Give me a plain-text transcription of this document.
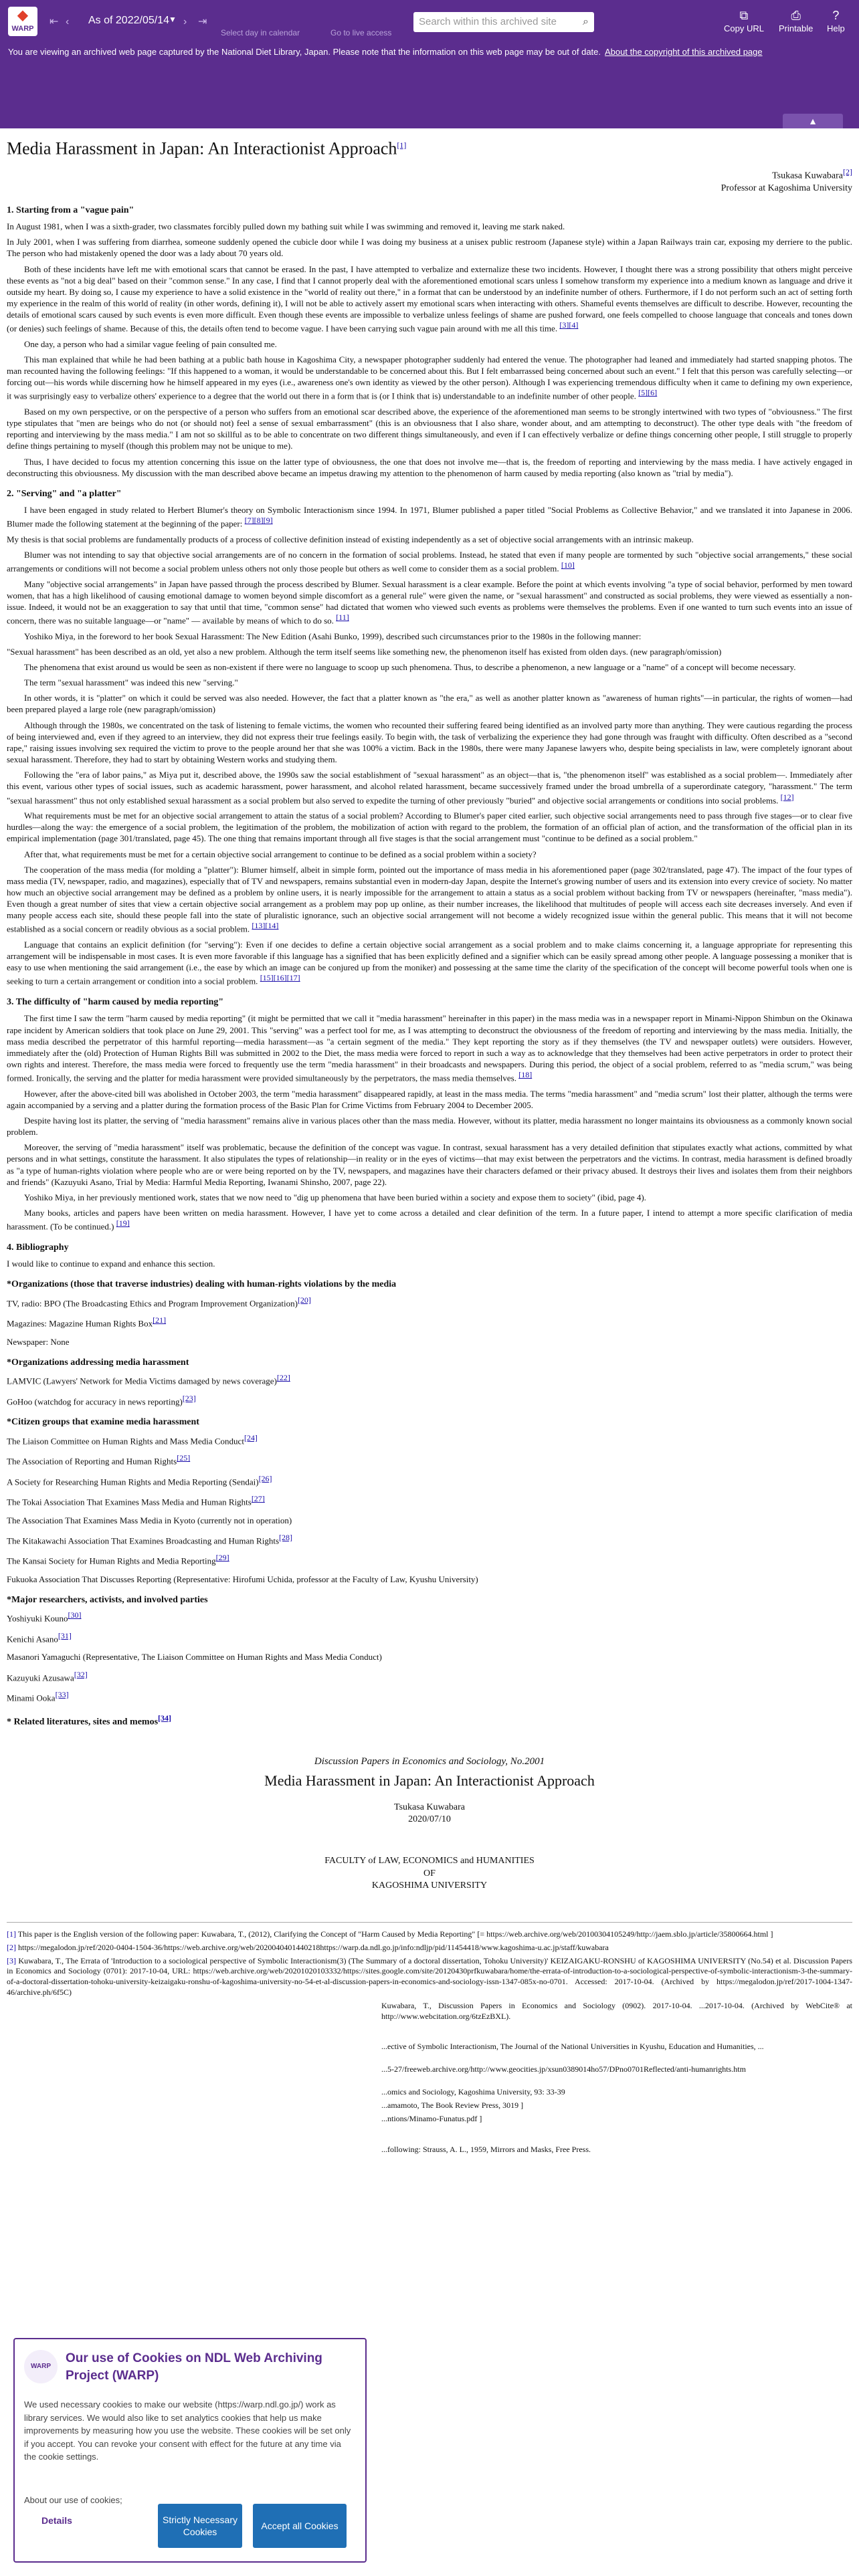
◆
WARP
⇤ ‹ As of 2022/05/14 ▼ › ⇥
Select day in calendar	Go to live access
Search within this archived site ⌕	⧉
Copy URL
⎙
Printable
?
Help
You are viewing an archived web page captured by the National Diet Library, Japan. Please note that the information on this web page may be out of date. About the copyright of this archived page
▲
Media Harassment in Japan: An Interactionist Approach[1]

Tsukasa Kuwabara[2]

Professor at Kagoshima University

1. Starting from a "vague pain"

In August 1981, when I was a sixth-grader, two classmates forcibly pulled down my bathing suit while I was swimming and removed it, leaving me stark naked.

In July 2001, when I was suffering from diarrhea, someone suddenly opened the cubicle door while I was doing my business at a unisex public restroom (Japanese style) within a Japan Railways train car, exposing my derriere to the public. The person who had mistakenly opened the door was a lady about 70 years old.

Both of these incidents have left me with emotional scars that cannot be erased. In the past, I have attempted to verbalize and externalize these two incidents. However, I thought there was a strong possibility that others might perceive these events as "not a big deal" based on their "common sense." In any case, I find that I cannot properly deal with the aforementioned emotional scars unless I somehow transform my experience into a medium known as language and drive it outside my heart. By doing so, I cause my experience to have a solid existence in the "world of reality out there," in a format that can be understood by an indefinite number of others. Furthermore, if I do not perform such an act of setting forth my experience in the realm of this world of reality (in other words, defining it), I will not be able to actively assert my emotional scars when interacting with others. Shameful events themselves are difficult to describe. However, recounting the details of emotional scars caused by such events is even more difficult. Even though these events are impossible to verbalize unless feelings of shame are pushed forward, one feels compelled to choose language that conceals and tones down (or denies) such feelings of shame. Because of this, the details often tend to become vague. I have been carrying such vague pain around with me all this time. [3][4]

One day, a person who had a similar vague feeling of pain consulted me.

This man explained that while he had been bathing at a public bath house in Kagoshima City, a newspaper photographer suddenly had entered the venue. The photographer had leaned and immediately had started snapping photos. The man recounted having the following feelings: "If this happened to a woman, it would be understandable to be concerned about this. But I felt embarrassed being concerned about such an event." I felt that this person was carefully selecting—or forcing out—his words while discerning how he himself appeared in my eyes (i.e., awareness one's own identity as viewed by the other person). Although I was experiencing tremendous difficulty when it came to defining my own experience, it was surprisingly easy to verbalize others' experience to a degree that the world out there in a form that is (or I think that is) understandable to an indefinite number of other people. [5][6]

Based on my own perspective, or on the perspective of a person who suffers from an emotional scar described above, the experience of the aforementioned man seems to be strongly intertwined with two types of "obviousness." The first type stipulates that "men are beings who do not (or should not) feel a sense of sexual embarrassment" (this is an obviousness that I also share, wonder about, and am attempting to deconstruct). The other type deals with "the freedom of reporting and interviewing by the mass media." I am not so skillful as to be able to concentrate on two different things simultaneously, and even if I can effectively verbalize or define things concerning other people, I still struggle to properly define things pertaining to myself (though this problem may not be unique to me).

Thus, I have decided to focus my attention concerning this issue on the latter type of obviousness, the one that does not involve me—that is, the freedom of reporting and interviewing by the mass media. I have actively engaged in deconstructing this obviousness. My discussion with the man described above became an impetus drawing my attention to the phenomenon of harm caused by media reporting (also known as "trial by media").

2. "Serving" and "a platter"

I have been engaged in study related to Herbert Blumer's theory on Symbolic Interactionism since 1994. In 1971, Blumer published a paper titled "Social Problems as Collective Behavior," and we translated it into Japanese in 2006. Blumer made the following statement at the beginning of the paper: [7][8][9]

My thesis is that social problems are fundamentally products of a process of collective definition instead of existing independently as a set of objective social arrangements with an intrinsic makeup.

Blumer was not intending to say that objective social arrangements are of no concern in the formation of social problems. Instead, he stated that even if many people are tormented by such "objective social arrangements," these social arrangements or conditions will not become a social problem unless others not only those people but others as well come to consider them as a social problem. [10]

Many "objective social arrangements" in Japan have passed through the process described by Blumer. Sexual harassment is a clear example. Before the point at which events involving "a type of social behavior, performed by men toward women, that has a high likelihood of causing emotional damage to women beyond simple discomfort as a general rule" were given the name, or "sexual harassment" and constructed as social problems, they were viewed as essentially a non-issue. Indeed, it would not be an exaggeration to say that until that time, "common sense" had dictated that women who viewed such events as problems were themselves the problems. Even if one wanted to turn such events into an issue of concern, there was no suitable language—or "name" — available by means of which to do so. [11]

Yoshiko Miya, in the foreword to her book Sexual Harassment: The New Edition (Asahi Bunko, 1999), described such circumstances prior to the 1980s in the following manner:

"Sexual harassment" has been described as an old, yet also a new problem. Although the term itself seems like something new, the phenomenon itself has existed from olden days. (new paragraph/omission)

The phenomena that exist around us would be seen as non-existent if there were no language to scoop up such phenomena. Thus, to describe a phenomenon, a new language or a "name" of a concept will become necessary.

The term "sexual harassment" was indeed this new "serving."

In other words, it is "platter" on which it could be served was also needed. However, the fact that a platter known as "the era," as well as another platter known as "awareness of human rights"—in particular, the rights of women—had been prepared played a large role (new paragraph/omission)

Although through the 1980s, we concentrated on the task of listening to female victims, the women who recounted their suffering feared being identified as an involved party more than anything. They were cautious regarding the process of being interviewed and, even if they agreed to an interview, they did not express their true feelings easily. To begin with, the task of verbalizing the experience they had gone through was fraught with difficulty. Often described as a "second rape," raising issues involving sex required the victim to prove to the people around her that she was 100% a victim. Back in the 1980s, there were many Japanese lawyers who, despite being specialists in law, were completely ignorant about sexual harassment. Therefore, they had to start by obtaining Western works and studying them.

Following the "era of labor pains," as Miya put it, described above, the 1990s saw the social establishment of "sexual harassment" as an object—that is, "the phenomenon itself" was established as a social problem—. Immediately after this event, various other types of social issues, such as academic harassment, power harassment, and alcohol related harassment, became successively framed under the broad umbrella of a superordinate category, "harassment." The term "sexual harassment" thus not only established sexual harassment as a social problem but also served to expedite the turning of other previously "buried" and objective social arrangements or conditions into social problems. [12]

What requirements must be met for an objective social arrangement to attain the status of a social problem? According to Blumer's paper cited earlier, such objective social arrangements need to pass through five stages—or to clear five hurdles—along the way: the emergence of a social problem, the legitimation of the problem, the mobilization of action with regard to the problem, the formation of an official plan of action, and the transformation of the official plan in its empirical implementation (page 301/translated, page 45). The one thing that remains important through all five stages is that the social arrangement must "continue to be defined as a social problem."

After that, what requirements must be met for a certain objective social arrangement to continue to be defined as a social problem within a society?

The cooperation of the mass media (for molding a "platter"): Blumer himself, albeit in simple form, pointed out the importance of mass media in his aforementioned paper (page 302/translated, page 47). The impact of the four types of mass media (TV, newspaper, radio, and magazines), especially that of TV and newspapers, remains substantial even in modern-day Japan, despite the Internet's growing number of users and its extension into every crevice of society. No matter how much an objective social arrangement may be defined as a problem by online users, it is nearly impossible for the arrangement to attain a status as a social problem without backing from TV or newspapers (hereinafter, "mass media"). Even though a great number of sites that view a certain objective social arrangement as a problem may pop up online, as their number increases, the likelihood that multitudes of people will access each site decreases inversely. And even if many people access each site, should these people fall into the state of pluralistic ignorance, such an objective social arrangement will not become a widely recognized issue within the general public. This means that it will not become established as a social concern or readily obvious as a social problem. [13][14]

Language that contains an explicit definition (for "serving"): Even if one decides to define a certain objective social arrangement as a social problem and to make claims concerning it, a language appropriate for representing this arrangement will be indispensable in most cases. It is even more favorable if this language has a signified that has been explicitly defined and a signifier which can be easily spread among other people. A language possessing a moniker that is easy to use when mentioning the said arrangement (i.e., the ease by which an image can be conjured up from the moniker) and possessing at the same time the clarity of the specification of the concept will become powerful tools when one is seeking to turn a certain arrangement or condition into a social problem. [15][16][17]

3. The difficulty of "harm caused by media reporting"

The first time I saw the term "harm caused by media reporting" (it might be permitted that we call it "media harassment" hereinafter in this paper) in the mass media was in a newspaper report in Minami-Nippon Shimbun on the Okinawa rape incident by American soldiers that took place on June 29, 2001. This "serving" was a perfect tool for me, as I was attempting to deconstruct the obviousness of the freedom of reporting and interviewing by the mass media. Initially, the mass media described the perpetrator of this harmful reporting—media harassment—as "a certain segment of the media." They kept reporting the story as if they themselves (the TV and newspaper outlets) were outsiders. However, immediately after the (old) Protection of Human Rights Bill was submitted in 2002 to the Diet, the mass media were forced to report in such a way as to acknowledge that they themselves had been active perpetrators in order to protect their own rights and interest. Therefore, the mass media were forced to frequently use the term "media harassment" in their broadcasts and newspapers. During this period, the object of a social problem, referred to as "media scrum," was being formed. Ironically, the serving and the platter for media harassment were provided simultaneously by the perpetrators, the mass media themselves. [18]

However, after the above-cited bill was abolished in October 2003, the term "media harassment" disappeared rapidly, at least in the mass media. The terms "media harassment" and "media scrum" lost their platter, although the terms were again accompanied by a serving and a platter during the formation process of the Basic Plan for Crime Victims from February 2004 to December 2005.

Despite having lost its platter, the serving of "media harassment" remains alive in various places other than the mass media. However, without its platter, media harassment no longer maintains its obviousness as a commonly known social problem.

Moreover, the serving of "media harassment" itself was problematic, because the definition of the concept was vague. In contrast, sexual harassment has a very detailed definition that stipulates exactly what actions, committed by what persons and in what settings, constitute the harassment. It also stipulates the types of relationship—in reality or in the eyes of victims—that may exist between the perpetrators and the victims. In contrast, media harassment is defined broadly as "a type of human-rights violation where people who are or were being reported on by the TV, newspapers, and magazines have their characters defamed or their privacy abused. It destroys their lives and isolates them from their neighbors and friends" (Kazuyuki Asano, Trial by Media: Harmful Media Reporting, Iwanami Shinsho, 2007, page 22).

Yoshiko Miya, in her previously mentioned work, states that we now need to "dig up phenomena that have been buried within a society and expose them to society" (ibid, page 4).

Many books, articles and papers have been written on media harassment. However, I have yet to come across a detailed and clear definition of the term. In a future paper, I intend to attempt a more specific clarification of media harassment. (To be continued.) [19]

4. Bibliography

I would like to continue to expand and enhance this section.

*Organizations (those that traverse industries) dealing with human-rights violations by the media
TV, radio: BPO (The Broadcasting Ethics and Program Improvement Organization)[20]
Magazines: Magazine Human Rights Box[21]
Newspaper: None
*Organizations addressing media harassment
LAMVIC (Lawyers' Network for Media Victims damaged by news coverage)[22]
GoHoo (watchdog for accuracy in news reporting)[23]
*Citizen groups that examine media harassment
The Liaison Committee on Human Rights and Mass Media Conduct[24]
The Association of Reporting and Human Rights[25]
A Society for Researching Human Rights and Media Reporting (Sendai)[26]
The Tokai Association That Examines Mass Media and Human Rights[27]
The Association That Examines Mass Media in Kyoto (currently not in operation)
The Kitakawachi Association That Examines Broadcasting and Human Rights[28]
The Kansai Society for Human Rights and Media Reporting[29]
Fukuoka Association That Discusses Reporting (Representative: Hirofumi Uchida, professor at the Faculty of Law, Kyushu University)
*Major researchers, activists, and involved parties
Yoshiyuki Kouno[30]
Kenichi Asano[31]
Masanori Yamaguchi (Representative, The Liaison Committee on Human Rights and Mass Media Conduct)
Kazuyuki Azusawa[32]
Minami Ooka[33]
* Related literatures, sites and memos[34]
Discussion Papers in Economics and Sociology, No.2001
Media Harassment in Japan: An Interactionist Approach
Tsukasa Kuwabara
2020/07/10
FACULTY of LAW, ECONOMICS and HUMANITIES
OF
KAGOSHIMA UNIVERSITY

[1] This paper is the English version of the following paper: Kuwabara, T., (2012), Clarifying the Concept of "Harm Caused by Media Reporting" [= https://web.archive.org/web/20100304105249/http://jaem.sblo.jp/article/35800664.html ]

[2] https://megalodon.jp/ref/2020-0404-1504-36/https://web.archive.org/web/2020040401440218https://warp.da.ndl.go.jp/info:ndljp/pid/11454418/www.kagoshima-u.ac.jp/staff/kuwabara

[3] Kuwabara, T., The Errata of 'Introduction to a sociological perspective of Symbolic Interactionism(3) (The Summary of a doctoral dissertation, Tohoku University)' KEIZAIGAKU-RONSHU of KAGOSHIMA UNIVERSITY (No.54) et al. Discussion Papers in Economics and Sociology (0701): 2017-10-04, URL: https://web.archive.org/web/20201020103332/https://sites.google.com/site/20120430prfkuwabara/home/the-errata-of-introduction-to-a-sociological-perspective-of-symbolic-interactionism-3-the-summary-of-a-doctoral-dissertation-tohoku-university-keizaigaku-ronshu-of-kagoshima-university-no-54-et-al-discussion-papers-in-economics-and-sociology-issn-1347-085x-no-0701. Accessed: 2017-10-04. (Archived by https://megalodon.jp/ref/2017-1004-1347-46/archive.ph/6f5C)

Kuwabara, T., Discussion Papers in Economics and Sociology (0902). 2017-10-04. ...2017-10-04. (Archived by WebCite® at http://www.webcitation.org/6tzEzBXL).

...ective of Symbolic Interactionism, The Journal of the National Universities in Kyushu, Education and Humanities, ...

...5-27/freeweb.archive.org/http://www.geocities.jp/xsun0389014ho57/DPno0701Reflected/anti-humanrights.htm

...omics and Sociology, Kagoshima University, 93: 33-39

...amamoto, The Book Review Press, 3019 ]

...ntions/Minamo-Funatus.pdf ]

...following: Strauss, A. L., 1959, Mirrors and Masks, Free Press.

WARP
Our use of Cookies on NDL Web Archiving Project (WARP)
We used necessary cookies to make our website (https://warp.ndl.go.jp/) work as library services. We would also like to set analytics cookies that help us make improvements by measuring how you use the website. These cookies will be set only if you accept. You can revoke your consent with effect for the future at any time via the cookie settings.
About our use of cookies;
Details	Strictly Necessary Cookies
Accept all Cookies
